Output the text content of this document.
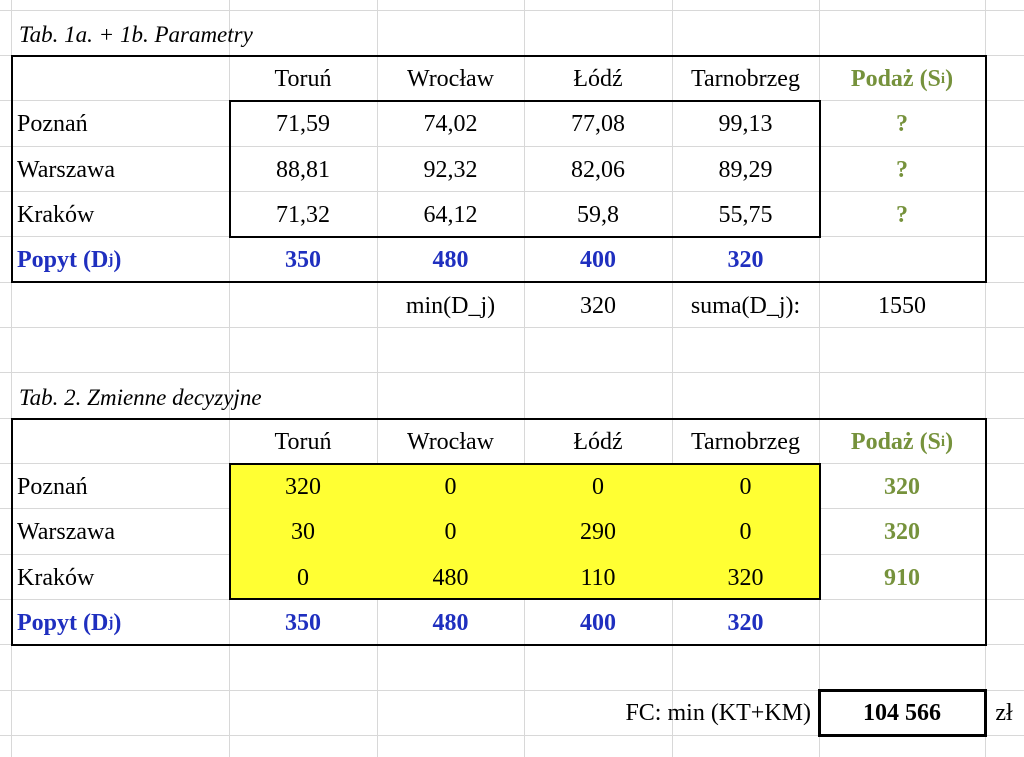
Tab. 1a. + 1b. Parametry
Toruń	Wrocław	Łódź	Tarnobrzeg	Podaż (S i )
Poznań	71,59	74,02	77,08	99,13	?
Warszawa	88,81	92,32	82,06	89,29	?
Kraków	71,32	64,12	59,8	55,75	?
Popyt (D j )	350	480	400	320
min(D_j)	320	suma(D_j):	1550
Tab. 2. Zmienne decyzyjne
Toruń	Wrocław	Łódź	Tarnobrzeg	Podaż (S i )
Poznań	320	0	0	0	320
Warszawa	30	0	290	0	320
Kraków	0	480	110	320	910
Popyt (D j )	350	480	400	320
FC: min (KT+KM)	104 566	zł
